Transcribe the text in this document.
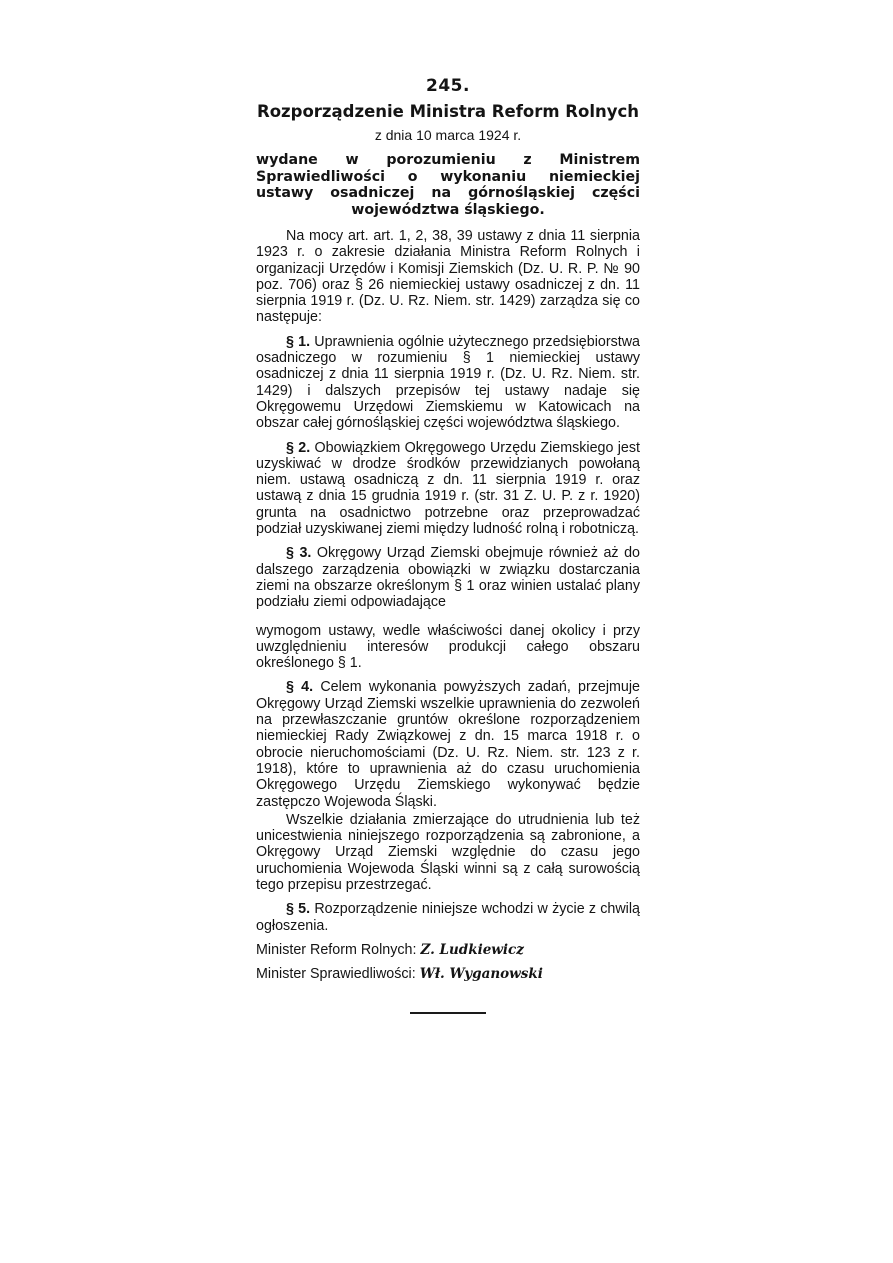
245.
Rozporządzenie Ministra Reform Rolnych
z dnia 10 marca 1924 r.
wydane w porozumieniu z Ministrem Sprawiedliwości o wykonaniu niemieckiej ustawy osadniczej na górnośląskiej części województwa śląskiego.

Na mocy art. art. 1, 2, 38, 39 ustawy z dnia 11 sierpnia 1923 r. o zakresie działania Ministra Reform Rolnych i organizacji Urzędów i Komisji Ziemskich (Dz. U. R. P. № 90 poz. 706) oraz § 26 niemieckiej ustawy osadniczej z dn. 11 sierpnia 1919 r. (Dz. U. Rz. Niem. str. 1429) zarządza się co następuje:

§ 1. Uprawnienia ogólnie użytecznego przedsiębiorstwa osadniczego w rozumieniu § 1 niemieckiej ustawy osadniczej z dnia 11 sierpnia 1919 r. (Dz. U. Rz. Niem. str. 1429) i dalszych przepisów tej ustawy nadaje się Okręgowemu Urzędowi Ziemskiemu w Katowicach na obszar całej górnośląskiej części województwa śląskiego.

§ 2. Obowiązkiem Okręgowego Urzędu Ziemskiego jest uzyskiwać w drodze środków przewidzianych powołaną niem. ustawą osadniczą z dn. 11 sierpnia 1919 r. oraz ustawą z dnia 15 grudnia 1919 r. (str. 31 Z. U. P. z r. 1920) grunta na osadnictwo potrzebne oraz przeprowadzać podział uzyskiwanej ziemi między ludność rolną i robotniczą.

§ 3. Okręgowy Urząd Ziemski obejmuje również aż do dalszego zarządzenia obowiązki w związku dostarczania ziemi na obszarze określonym § 1 oraz winien ustalać plany podziału ziemi odpowiadające

wymogom ustawy, wedle właściwości danej okolicy i przy uwzględnieniu interesów produkcji całego obszaru określonego § 1.

§ 4. Celem wykonania powyższych zadań, przejmuje Okręgowy Urząd Ziemski wszelkie uprawnienia do zezwoleń na przewłaszczanie gruntów określone rozporządzeniem niemieckiej Rady Związkowej z dn. 15 marca 1918 r. o obrocie nieruchomościami (Dz. U. Rz. Niem. str. 123 z r. 1918), które to uprawnienia aż do czasu uruchomienia Okręgowego Urzędu Ziemskiego wykonywać będzie zastępczo Wojewoda Śląski.

Wszelkie działania zmierzające do utrudnienia lub też unicestwienia niniejszego rozporządzenia są zabronione, a Okręgowy Urząd Ziemski względnie do czasu jego uruchomienia Wojewoda Śląski winni są z całą surowością tego przepisu przestrzegać.

§ 5. Rozporządzenie niniejsze wchodzi w życie z chwilą ogłoszenia.

Minister Reform Rolnych: Z. Ludkiewicz
Minister Sprawiedliwości: Wł. Wyganowski
